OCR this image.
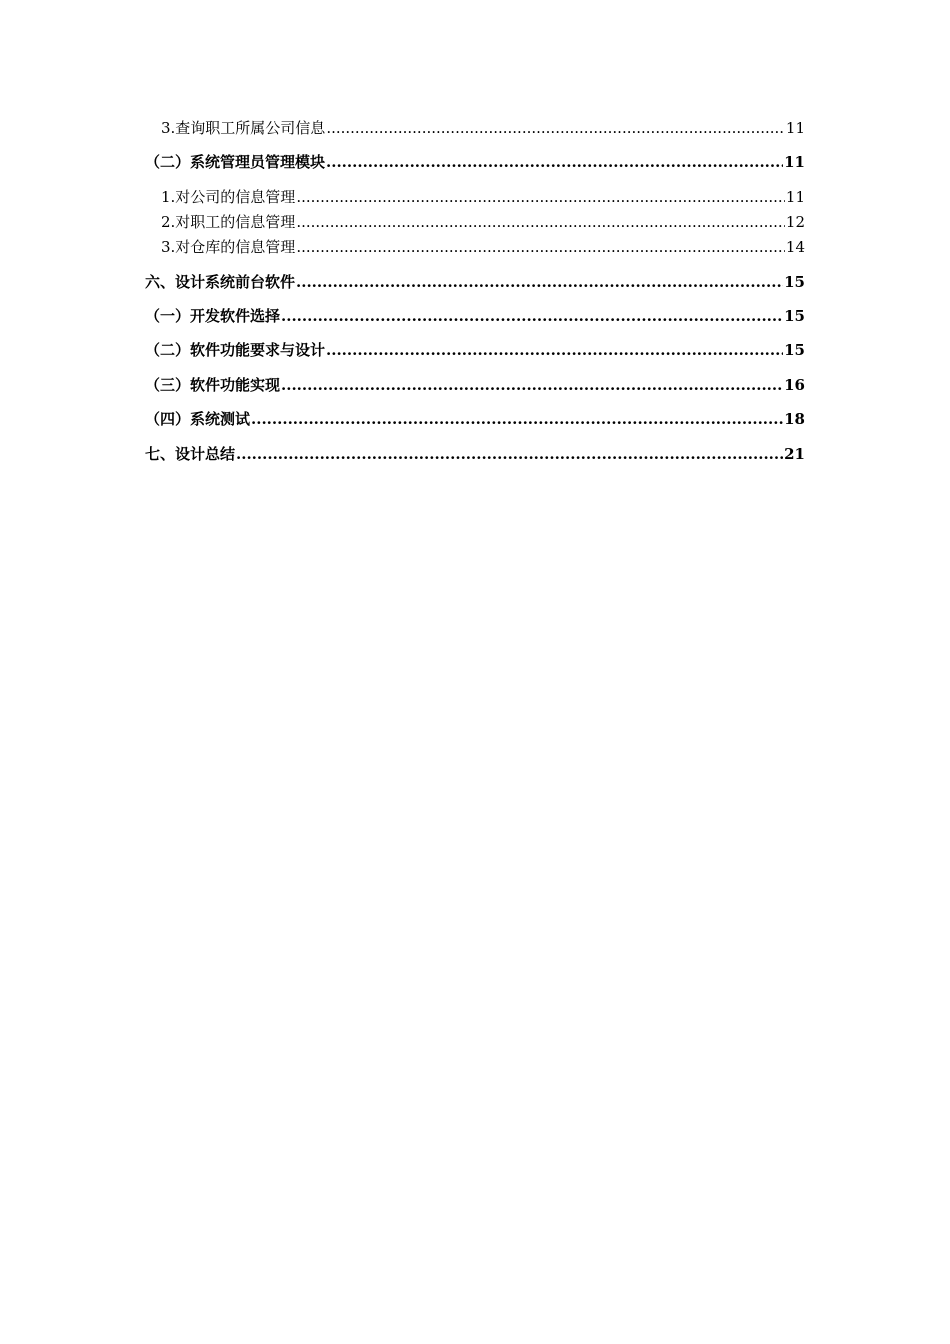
3.查询职工所属公司信息 .....	11
（二）系统管理员管理模块 .....	11
1.对公司的信息管理 .....	11
2.对职工的信息管理 .....	12
3.对仓库的信息管理 .....	14
六、设计系统前台软件 .....	15
（一）开发软件选择 .....	15
（二）软件功能要求与设计 .....	15
（三）软件功能实现 .....	16
（四）系统测试 .....	18
七、设计总结 .....	21
